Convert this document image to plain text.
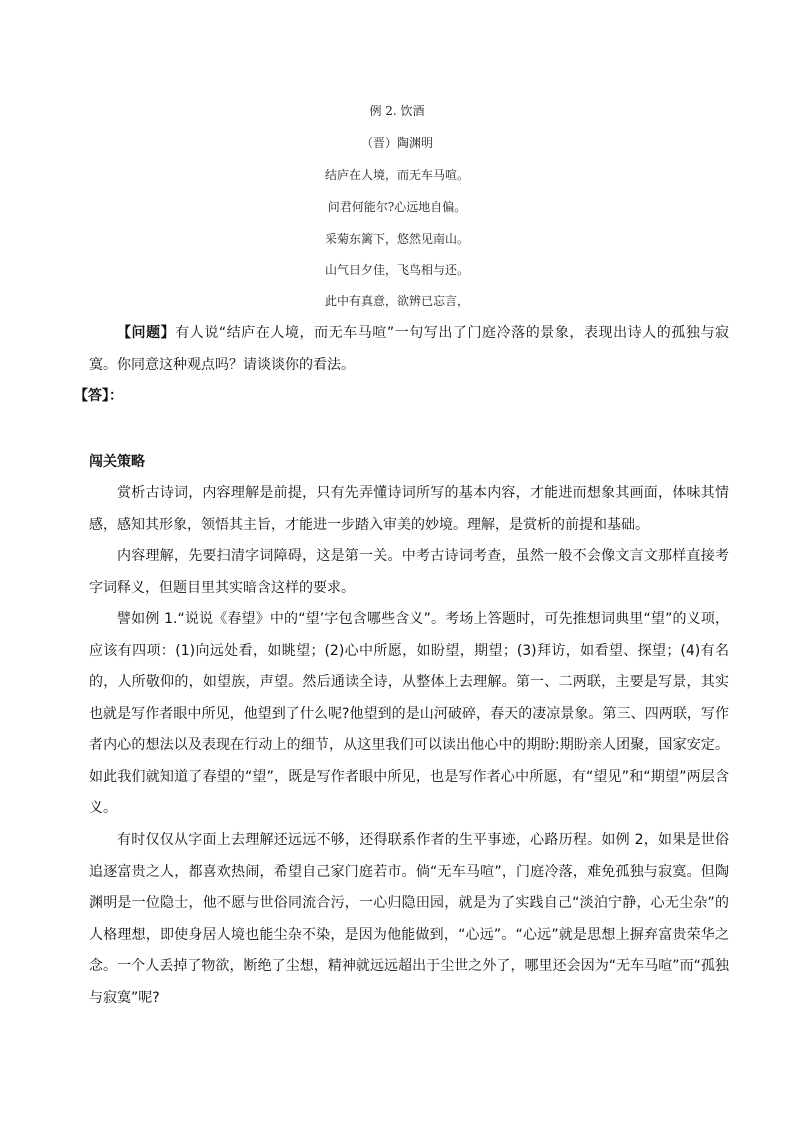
例 2. 饮酒
（晋）陶渊明
结庐在人境，而无车马喧。
问君何能尔?心远地自偏。
采菊东篱下，悠然见南山。
山气日夕佳，飞鸟相与还。
此中有真意，欲辨已忘言，
【问题】有人说“结庐在人境，而无车马喧”一句写出了门庭冷落的景象，表现出诗人的孤独与寂寞。你同意这种观点吗？请谈谈你的看法。
【答】：
闯关策略
赏析古诗词，内容理解是前提，只有先弄懂诗词所写的基本内容，才能进而想象其画面，体味其情感，感知其形象，领悟其主旨，才能进一步踏入审美的妙境。理解，是赏析的前提和基础。
内容理解，先要扫清字词障碍，这是第一关。中考古诗词考查，虽然一般不会像文言文那样直接考字词释义，但题目里其实暗含这样的要求。
譬如例 1.“说说《春望》中的“望’字包含哪些含义”。考场上答题时，可先推想词典里“望”的义项，应该有四项：(1)向远处看，如眺望；(2)心中所愿，如盼望，期望；(3)拜访，如看望、探望；(4)有名的，人所敬仰的，如望族，声望。然后通读全诗，从整体上去理解。第一、二两联，主要是写景，其实也就是写作者眼中所见，他望到了什么呢?他望到的是山河破碎，春天的凄凉景象。第三、四两联，写作者内心的想法以及表现在行动上的细节，从这里我们可以读出他心中的期盼:期盼亲人团聚，国家安定。如此我们就知道了春望的“望”，既是写作者眼中所见，也是写作者心中所愿，有“望见”和“期望”两层含义。
有时仅仅从字面上去理解还远远不够，还得联系作者的生平事迹，心路历程。如例 2，如果是世俗追逐富贵之人，都喜欢热闹，希望自己家门庭若市。倘“无车马喧”，门庭冷落，难免孤独与寂寞。但陶渊明是一位隐士，他不愿与世俗同流合污，一心归隐田园，就是为了实践自己“淡泊宁静，心无尘杂”的人格理想，即使身居人境也能尘杂不染，是因为他能做到，“心远”。“心远”就是思想上摒弃富贵荣华之念。一个人丢掉了物欲，断绝了尘想，精神就远远超出于尘世之外了，哪里还会因为“无车马喧”而“孤独与寂寞”呢?
